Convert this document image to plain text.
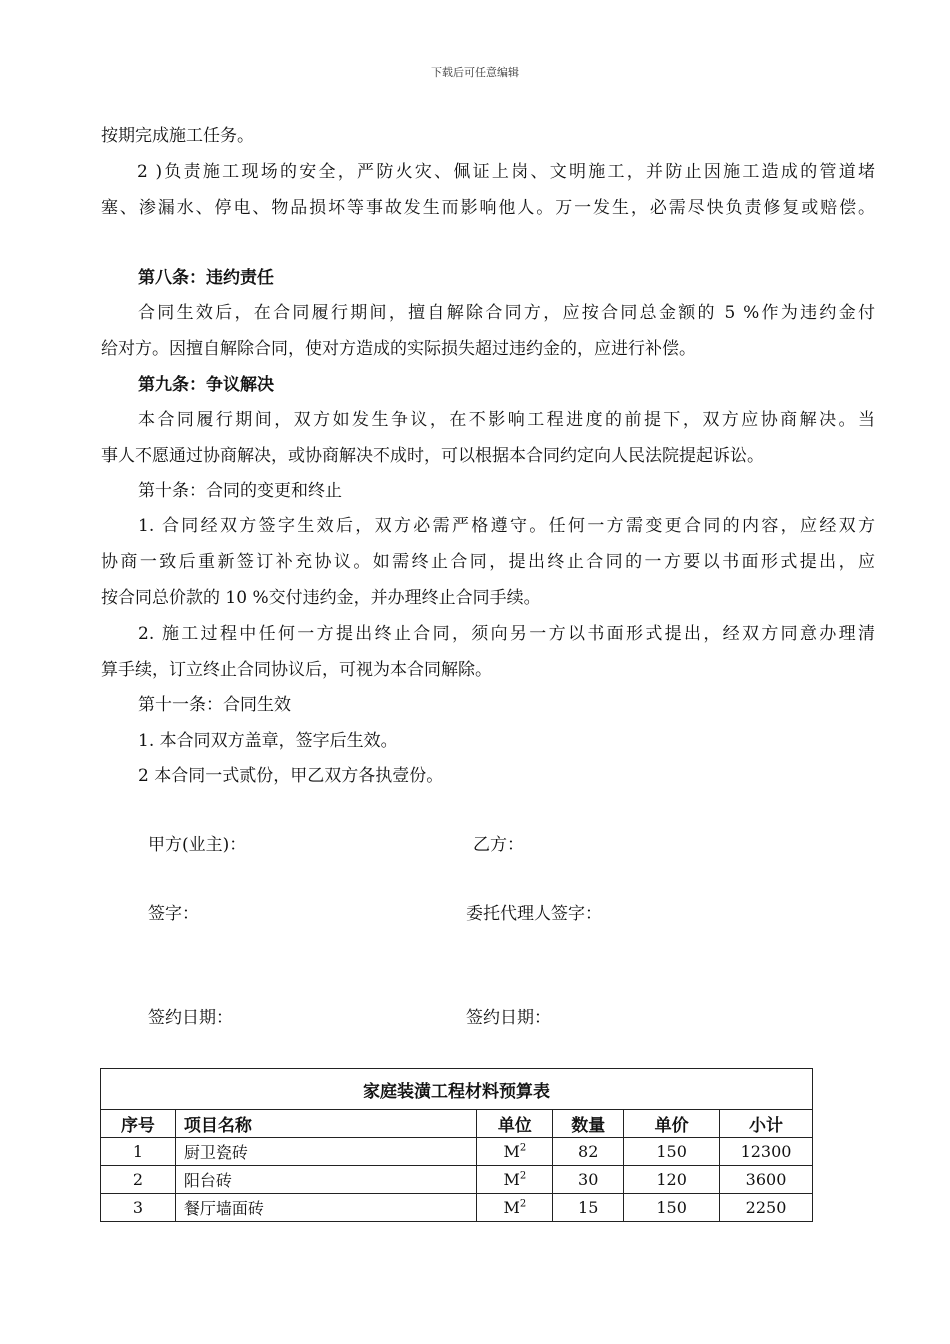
下载后可任意编辑
按期完成施工任务。
2 )负责施工现场的安全，严防火灾、佩证上岗、文明施工，并防止因施工造成的管道堵
塞、渗漏水、停电、物品损坏等事故发生而影响他人。万一发生，必需尽快负责修复或赔偿。
第八条：违约责任
合同生效后，在合同履行期间，擅自解除合同方，应按合同总金额的 5 %作为违约金付
给对方。因擅自解除合同，使对方造成的实际损失超过违约金的，应进行补偿。
第九条：争议解决
本合同履行期间，双方如发生争议，在不影响工程进度的前提下，双方应协商解决。当
事人不愿通过协商解决，或协商解决不成时，可以根据本合同约定向人民法院提起诉讼。
第十条：合同的变更和终止
1. 合同经双方签字生效后，双方必需严格遵守。任何一方需变更合同的内容，应经双方
协商一致后重新签订补充协议。如需终止合同，提出终止合同的一方要以书面形式提出，应
按合同总价款的 10 %交付违约金，并办理终止合同手续。
2. 施工过程中任何一方提出终止合同，须向另一方以书面形式提出，经双方同意办理清
算手续，订立终止合同协议后，可视为本合同解除。
第十一条：合同生效
1. 本合同双方盖章，签字后生效。
2 本合同一式贰份，甲乙双方各执壹份。
甲方(业主)：	乙方：
签字：	委托代理人签字：
签约日期：	签约日期：
家庭装潢工程材料预算表					
序号	项目名称	单位	数量	单价	小计
1	厨卫瓷砖	$M^2$	82	150	12300
2	阳台砖	$M^2$	30	120	3600
3	餐厅墙面砖	$M^2$	15	150	2250
